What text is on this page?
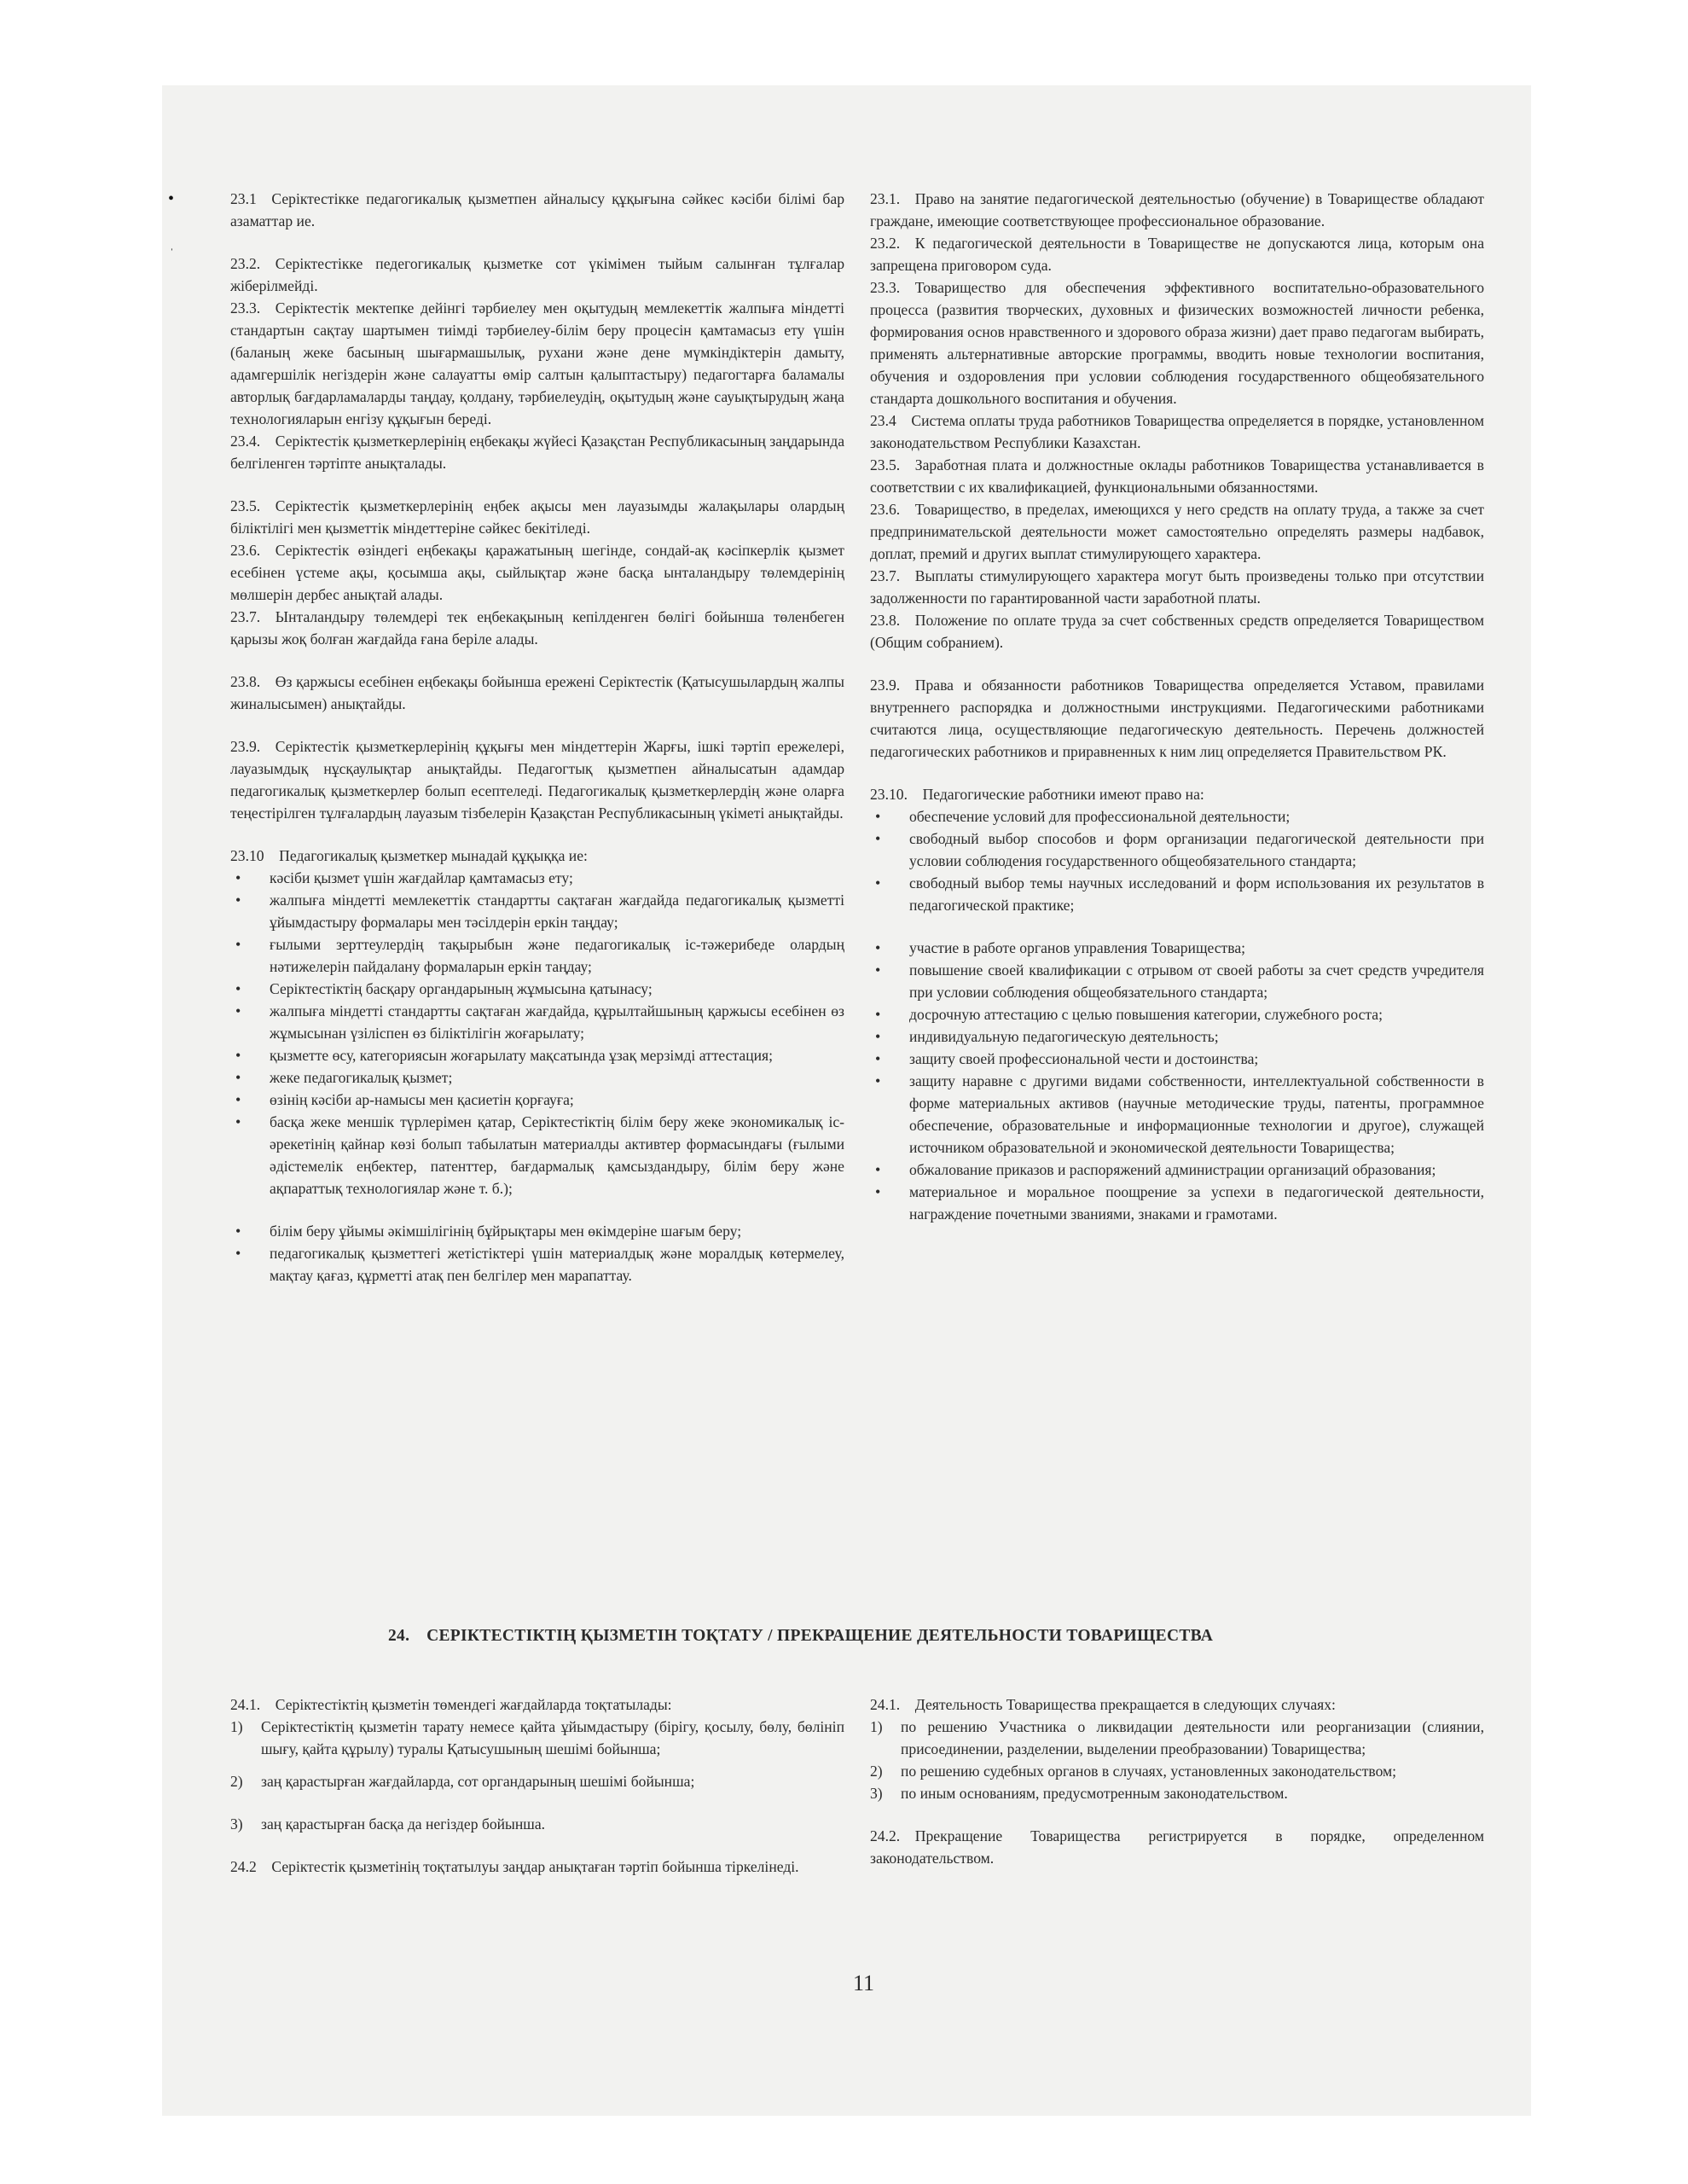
•
ˈ

23.1 Серіктестікке педагогикалық қызметпен айналысу құқығына сәйкес кәсіби білімі бар азаматтар ие.

23.2. Серіктестікке педегогикалық қызметке сот үкімімен тыйым салынған тұлғалар жіберілмейді.

23.3. Серіктестік мектепке дейінгі тәрбиелеу мен оқытудың мемлекеттік жалпыға міндетті стандартын сақтау шартымен тиімді тәрбиелеу-білім беру процесін қамтамасыз ету үшін (баланың жеке басының шығармашылық, рухани және дене мүмкіндіктерін дамыту, адамгершілік негіздерін және салауатты өмір салтын қалыптастыру) педагогтарға баламалы авторлық бағдарламаларды таңдау, қолдану, тәрбиелеудің, оқытудың және сауықтырудың жаңа технологияларын енгізу құқығын береді.

23.4. Серіктестік қызметкерлерінің еңбекақы жүйесі Қазақстан Республикасының заңдарында белгіленген тәртіпте анықталады.

23.5. Серіктестік қызметкерлерінің еңбек ақысы мен лауазымды жалақылары олардың біліктілігі мен қызметтік міндеттеріне сәйкес бекітіледі.

23.6. Серіктестік өзіндегі еңбекақы қаражатының шегінде, сондай-ақ кәсіпкерлік қызмет есебінен үстеме ақы, қосымша ақы, сыйлықтар және басқа ынталандыру төлемдерінің мөлшерін дербес анықтай алады.

23.7. Ынталандыру төлемдері тек еңбекақының кепілденген бөлігі бойынша төленбеген қарызы жоқ болған жағдайда ғана беріле алады.

23.8. Өз қаржысы есебінен еңбекақы бойынша ережені Серіктестік (Қатысушылардың жалпы жиналысымен) анықтайды.

23.9. Серіктестік қызметкерлерінің құқығы мен міндеттерін Жарғы, ішкі тәртіп ережелері, лауазымдық нұсқаулықтар анықтайды. Педагогтық қызметпен айналысатын адамдар педагогикалық қызметкерлер болып есептеледі. Педагогикалық қызметкерлердің және оларға теңестірілген тұлғалардың лауазым тізбелерін Қазақстан Республикасының үкіметі анықтайды.

23.10 Педагогикалық қызметкер мынадай құқыққа ие:

• кәсіби қызмет үшін жағдайлар қамтамасыз ету;
• жалпыға міндетті мемлекеттік стандартты сақтаған жағдайда педагогикалық қызметті ұйымдастыру формалары мен тәсілдерін еркін таңдау;
• ғылыми зерттеулердің тақырыбын және педагогикалық іс-тәжерибеде олардың нәтижелерін пайдалану формаларын еркін таңдау;
• Серіктестіктің басқару органдарының жұмысына қатынасу;
• жалпыға міндетті стандартты сақтаған жағдайда, құрылтайшының қаржысы есебінен өз жұмысынан үзіліспен өз біліктілігін жоғарылату;
• қызметте өсу, категориясын жоғарылату мақсатында ұзақ мерзімді аттестация;
• жеке педагогикалық қызмет;
• өзінің кәсіби ар-намысы мен қасиетін қорғауға;
• басқа жеке меншік түрлерімен қатар, Серіктестіктің білім беру жеке экономикалық іс-әрекетінің қайнар көзі болып табылатын материалды активтер формасындағы (ғылыми әдістемелік еңбектер, патенттер, бағдармалық қамсыздандыру, білім беру және ақпараттық технологиялар және т. б.);
• білім беру ұйымы әкімшілігінің бұйрықтары мен өкімдеріне шағым беру;
• педагогикалық қызметтегі жетістіктері үшін материалдық және моралдық көтермелеу, мақтау қағаз, құрметті атақ пен белгілер мен марапаттау.

23.1. Право на занятие педагогической деятельностью (обучение) в Товариществе обладают граждане, имеющие соответствующее профессиональное образование.

23.2. К педагогической деятельности в Товариществе не допускаются лица, которым она запрещена приговором суда.

23.3. Товарищество для обеспечения эффективного воспитательно-образовательного процесса (развития творческих, духовных и физических возможностей личности ребенка, формирования основ нравственного и здорового образа жизни) дает право педагогам выбирать, применять альтернативные авторские программы, вводить новые технологии воспитания, обучения и оздоровления при условии соблюдения государственного общеобязательного стандарта дошкольного воспитания и обучения.

23.4 Система оплаты труда работников Товарищества определяется в порядке, установленном законодательством Республики Казахстан.

23.5. Заработная плата и должностные оклады работников Товарищества устанавливается в соответствии с их квалификацией, функциональными обязанностями.

23.6. Товарищество, в пределах, имеющихся у него средств на оплату труда, а также за счет предпринимательской деятельности может самостоятельно определять размеры надбавок, доплат, премий и других выплат стимулирующего характера.

23.7. Выплаты стимулирующего характера могут быть произведены только при отсутствии задолженности по гарантированной части заработной платы.

23.8. Положение по оплате труда за счет собственных средств определяется Товариществом (Общим собранием).

23.9. Права и обязанности работников Товарищества определяется Уставом, правилами внутреннего распорядка и должностными инструкциями. Педагогическими работниками считаются лица, осуществляющие педагогическую деятельность. Перечень должностей педагогических работников и приравненных к ним лиц определяется Правительством РК.

23.10. Педагогические работники имеют право на:

• обеспечение условий для профессиональной деятельности;
• свободный выбор способов и форм организации педагогической деятельности при условии соблюдения государственного общеобязательного стандарта;
• свободный выбор темы научных исследований и форм использования их результатов в педагогической практике;
• участие в работе органов управления Товарищества;
• повышение своей квалификации с отрывом от своей работы за счет средств учредителя при условии соблюдения общеобязательного стандарта;
• досрочную аттестацию с целью повышения категории, служебного роста;
• индивидуальную педагогическую деятельность;
• защиту своей профессиональной чести и достоинства;
• защиту наравне с другими видами собственности, интеллектуальной собственности в форме материальных активов (научные методические труды, патенты, программное обеспечение, образовательные и информационные технологии и другое), служащей источником образовательной и экономической деятельности Товарищества;
• обжалование приказов и распоряжений администрации организаций образования;
• материальное и моральное поощрение за успехи в педагогической деятельности, награждение почетными званиями, знаками и грамотами.
24. СЕРІКТЕСТІКТІҢ ҚЫЗМЕТІН ТОҚТАТУ / ПРЕКРАЩЕНИЕ ДЕЯТЕЛЬНОСТИ ТОВАРИЩЕСТВА

24.1. Серіктестіктің қызметін төмендегі жағдайларда тоқтатылады:

1) Серіктестіктің қызметін тарату немесе қайта ұйымдастыру (бірігу, қосылу, бөлу, бөлініп шығу, қайта құрылу) туралы Қатысушының шешімі бойынша;
2) заң қарастырған жағдайларда, сот органдарының шешімі бойынша;
3) заң қарастырған басқа да негіздер бойынша.

24.2 Серіктестік қызметінің тоқтатылуы заңдар анықтаған тәртіп бойынша тіркелінеді.

24.1. Деятельность Товарищества прекращается в следующих случаях:

1) по решению Участника о ликвидации деятельности или реорганизации (слиянии, присоединении, разделении, выделении преобразовании) Товарищества;
2) по решению судебных органов в случаях, установленных законодательством;
3) по иным основаниям, предусмотренным законодательством.

24.2. Прекращение Товарищества регистрируется в порядке, определенном законодательством.

11
